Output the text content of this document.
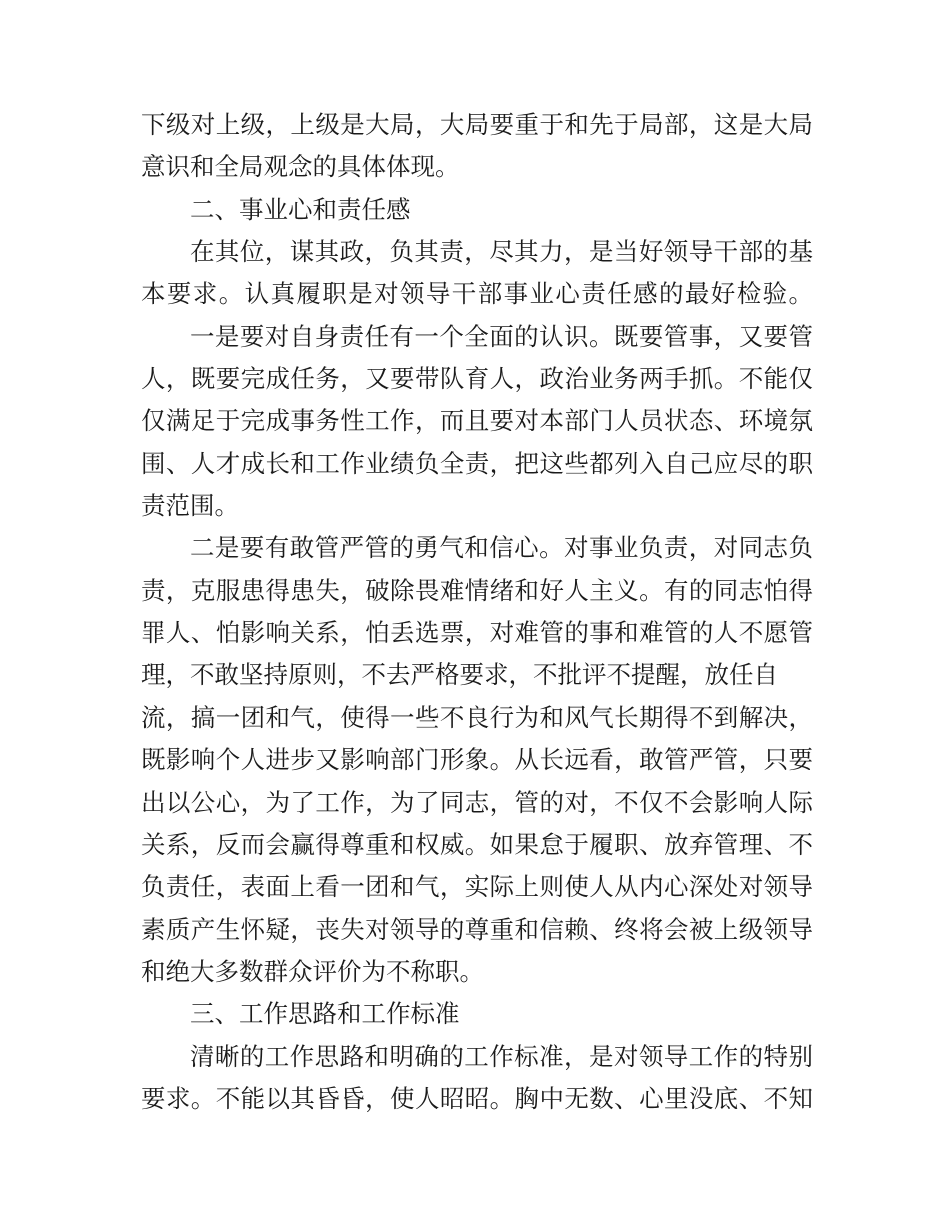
下级对上级，上级是大局，大局要重于和先于局部，这是大局
意识和全局观念的具体体现。
二、事业心和责任感
在其位，谋其政，负其责，尽其力，是当好领导干部的基
本要求。认真履职是对领导干部事业心责任感的最好检验。
一是要对自身责任有一个全面的认识。既要管事，又要管
人，既要完成任务，又要带队育人，政治业务两手抓。不能仅
仅满足于完成事务性工作，而且要对本部门人员状态、环境氛
围、人才成长和工作业绩负全责，把这些都列入自己应尽的职
责范围。
二是要有敢管严管的勇气和信心。对事业负责，对同志负
责，克服患得患失，破除畏难情绪和好人主义。有的同志怕得
罪人、怕影响关系，怕丢选票，对难管的事和难管的人不愿管
理，不敢坚持原则，不去严格要求，不批评不提醒，放任自
流，搞一团和气，使得一些不良行为和风气长期得不到解决，
既影响个人进步又影响部门形象。从长远看，敢管严管，只要
出以公心，为了工作，为了同志，管的对，不仅不会影响人际
关系，反而会赢得尊重和权威。如果怠于履职、放弃管理、不
负责任，表面上看一团和气，实际上则使人从内心深处对领导
素质产生怀疑，丧失对领导的尊重和信赖、终将会被上级领导
和绝大多数群众评价为不称职。
三、工作思路和工作标准
清晰的工作思路和明确的工作标准，是对领导工作的特别
要求。不能以其昏昏，使人昭昭。胸中无数、心里没底、不知
